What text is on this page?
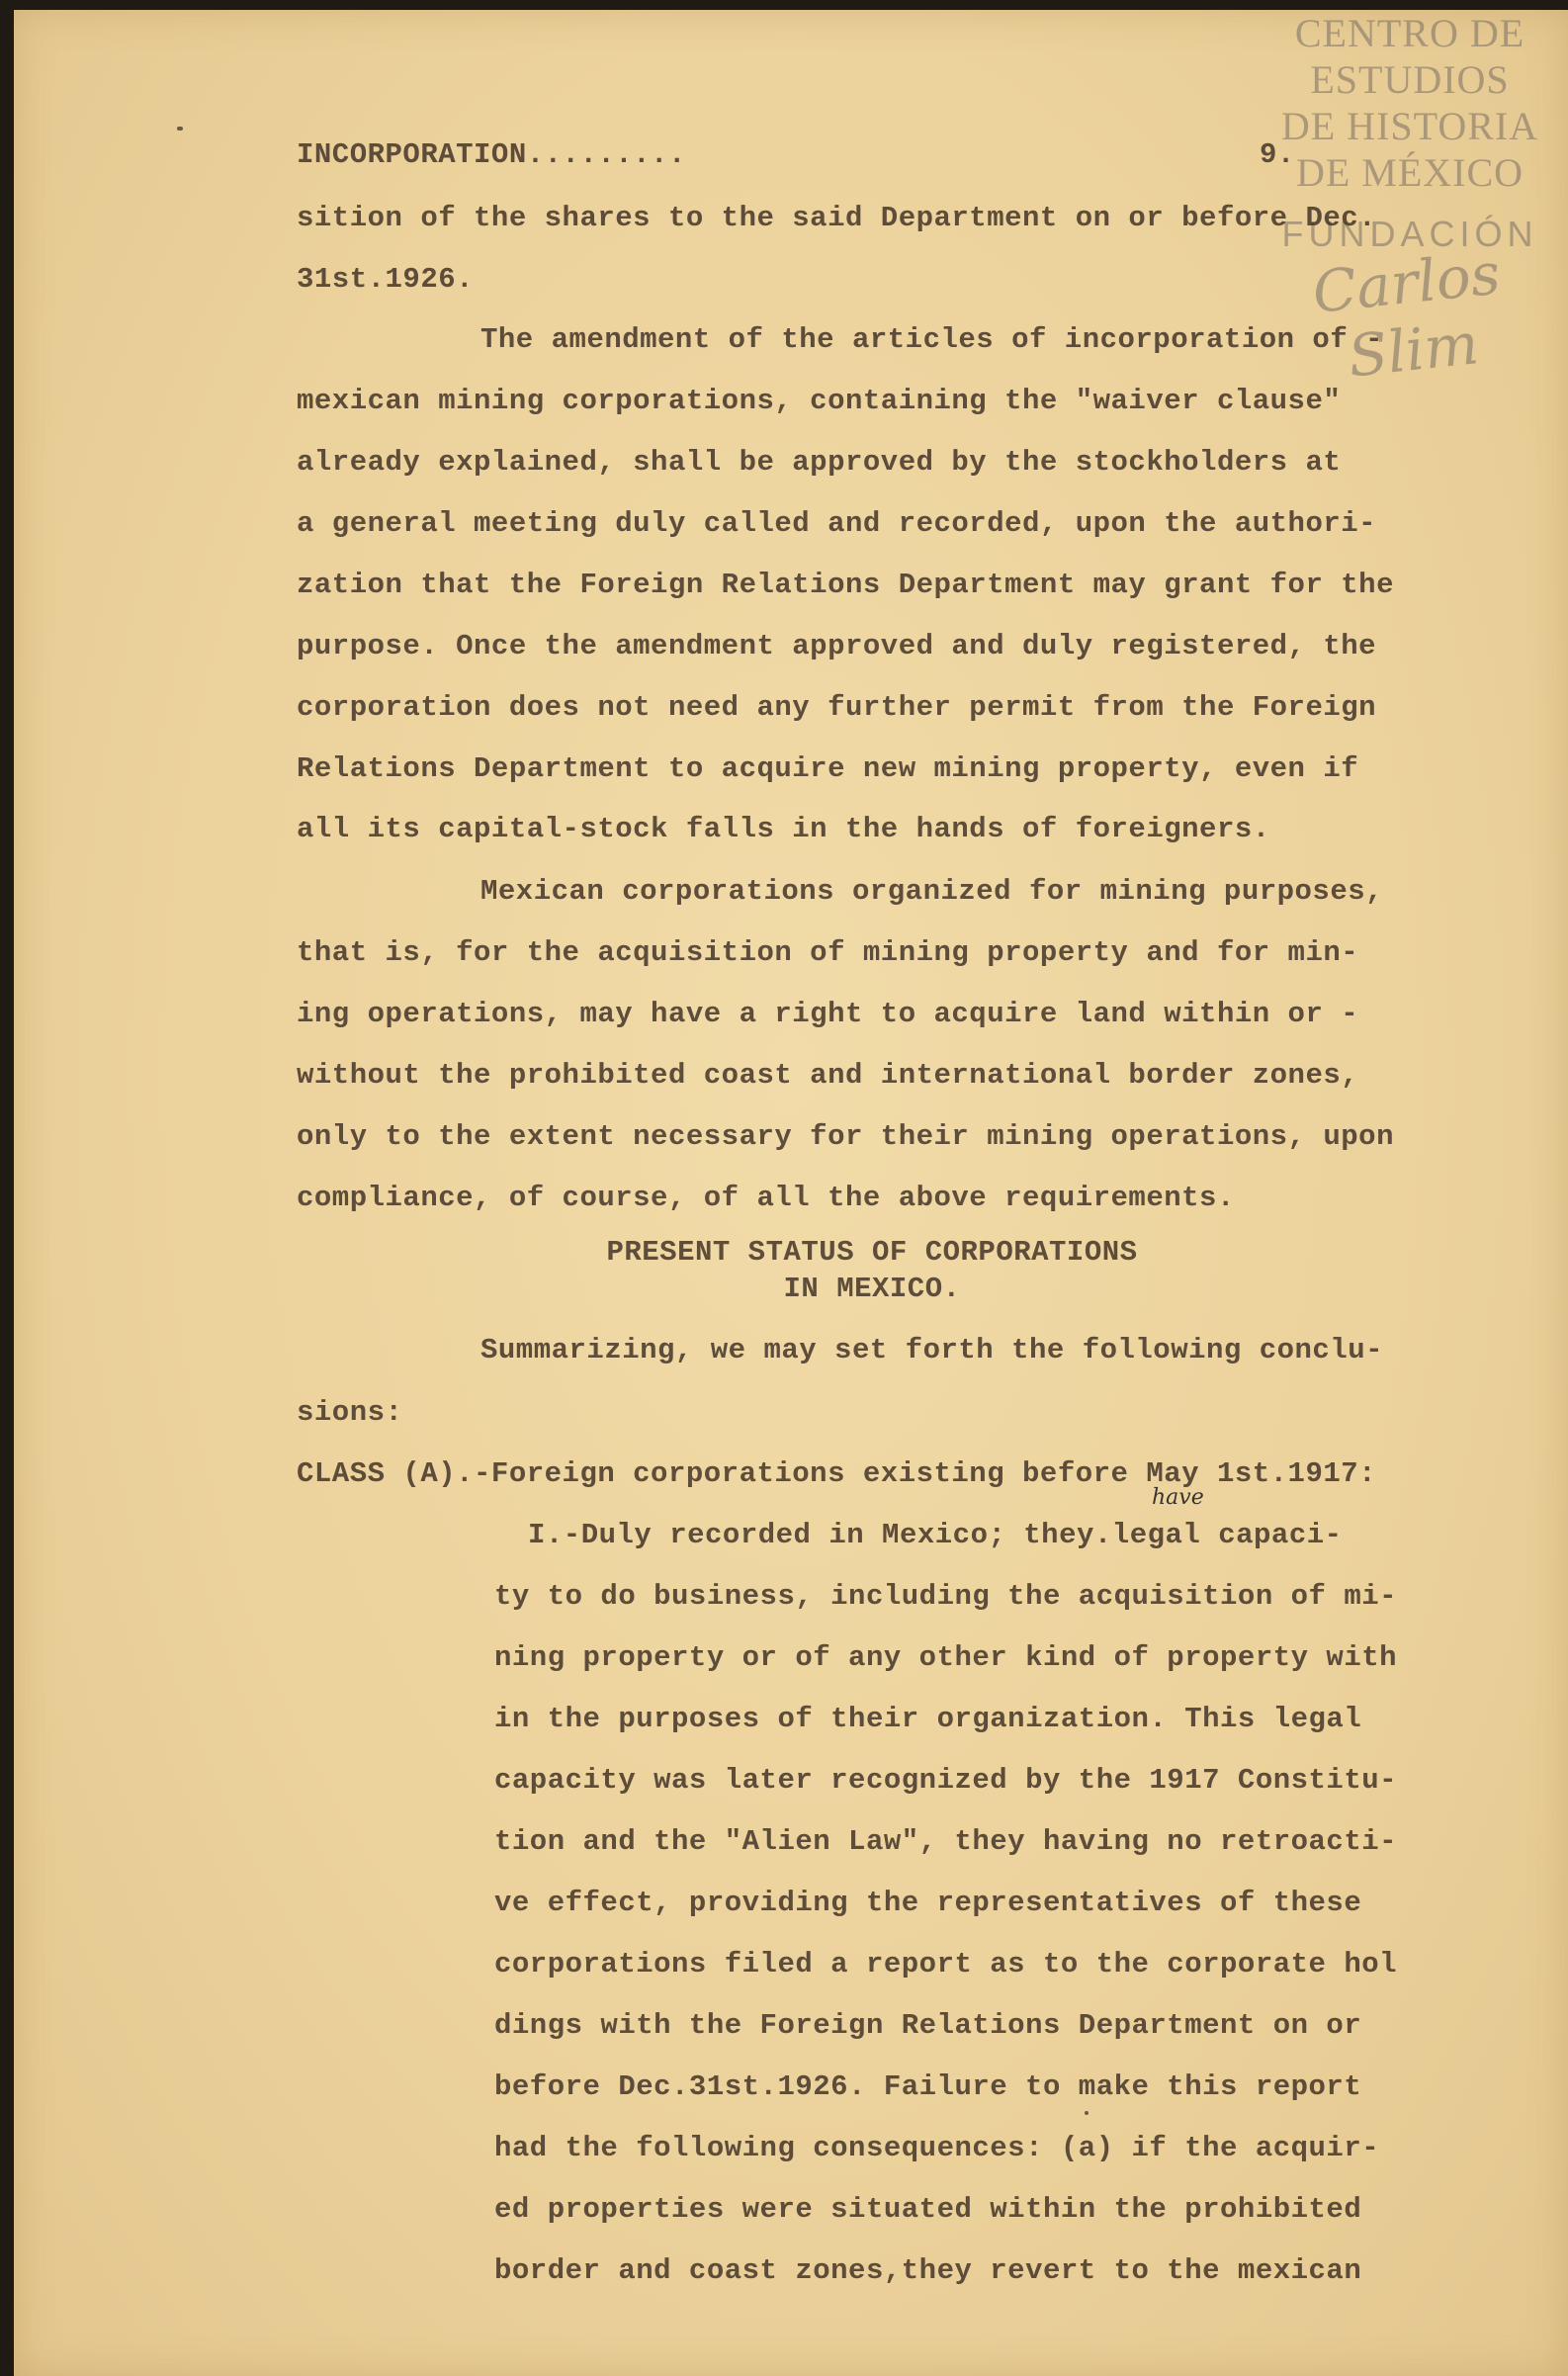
CENTRO DE
ESTUDIOS
DE HISTORIA
DE MÉXICO
FUNDACIÓN
Carlos Slim
INCORPORATION.........	9.
sition of the shares to the said Department on or before Dec.
31st.1926.
The amendment of the articles of incorporation of -
mexican mining corporations, containing the "waiver clause"
already explained, shall be approved by the stockholders at
a general meeting duly called and recorded, upon the authori-
zation that the Foreign Relations Department may grant for the
purpose. Once the amendment approved and duly registered, the
corporation does not need any further permit from the Foreign
Relations Department to acquire new mining property, even if
all its capital-stock falls in the hands of foreigners.
Mexican corporations organized for mining purposes,
that is, for the acquisition of mining property and for min-
ing operations, may have a right to acquire land within or -
without the prohibited coast and international border zones,
only to the extent necessary for their mining operations, upon
compliance, of course, of all the above requirements.
PRESENT STATUS OF CORPORATIONS
IN MEXICO.
Summarizing, we may set forth the following conclu-
sions:
CLASS (A).-Foreign corporations existing before May 1st.1917:
have
I.-Duly recorded in Mexico; they.legal capaci-
ty to do business, including the acquisition of mi-
ning property or of any other kind of property with
in the purposes of their organization. This legal
capacity was later recognized by the 1917 Constitu-
tion and the "Alien Law", they having no retroacti-
ve effect, providing the representatives of these
corporations filed a report as to the corporate hol
dings with the Foreign Relations Department on or
before Dec.31st.1926. Failure to make this report
had the following consequences: (a) if the acquir-
ed properties were situated within the prohibited
border and coast zones,they revert to the mexican
